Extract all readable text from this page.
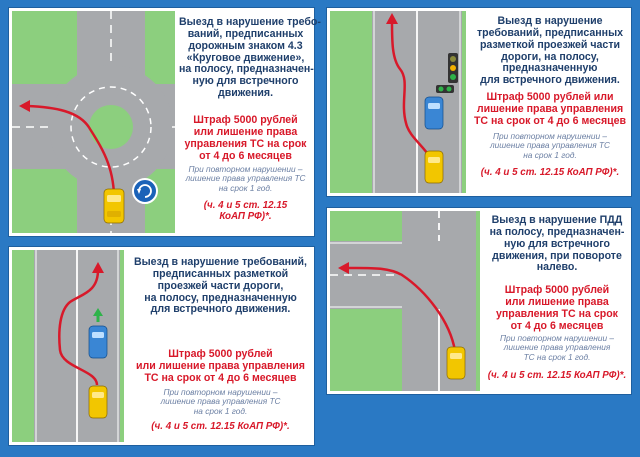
Выезд в нарушение требо-
ваний, предписанных
дорожным знаком 4.3
«Круговое движение»,
на полосу, предназначен-
ную для встречного
движения.
Штраф 5000 рублей
или лишение права
управления ТС на срок
от 4 до 6 месяцев
При повторном нарушении –
лишение права управления ТС
на срок 1 год.
(ч. 4 и 5 ст. 12.15
КоАП РФ)*.
Выезд в нарушение
требований, предписанных
разметкой проезжей части
дороги, на полосу,
предназначенную
для встречного движения.
Штраф 5000 рублей или
лишение права управления
ТС на срок от 4 до 6 месяцев
При повторном нарушении –
лишение права управления ТС
на срок 1 год.
(ч. 4 и 5 ст. 12.15 КоАП РФ)*.
Выезд в нарушение требований,
предписанных разметкой
проезжей части дороги,
на полосу, предназначенную
для встречного движения.
Штраф 5000 рублей
или лишение права управления
ТС на срок от 4 до 6 месяцев
При повторном нарушении –
лишение права управления ТС
на срок 1 год.
(ч. 4 и 5 ст. 12.15 КоАП РФ)*.
Выезд в нарушение ПДД
на полосу, предназначен-
ную для встречного
движения, при повороте
налево.
Штраф 5000 рублей
или лишение права
управления ТС на срок
от 4 до 6 месяцев
При повторном нарушении –
лишение права управления
ТС на срок 1 год.
(ч. 4 и 5 ст. 12.15 КоАП РФ)*.
